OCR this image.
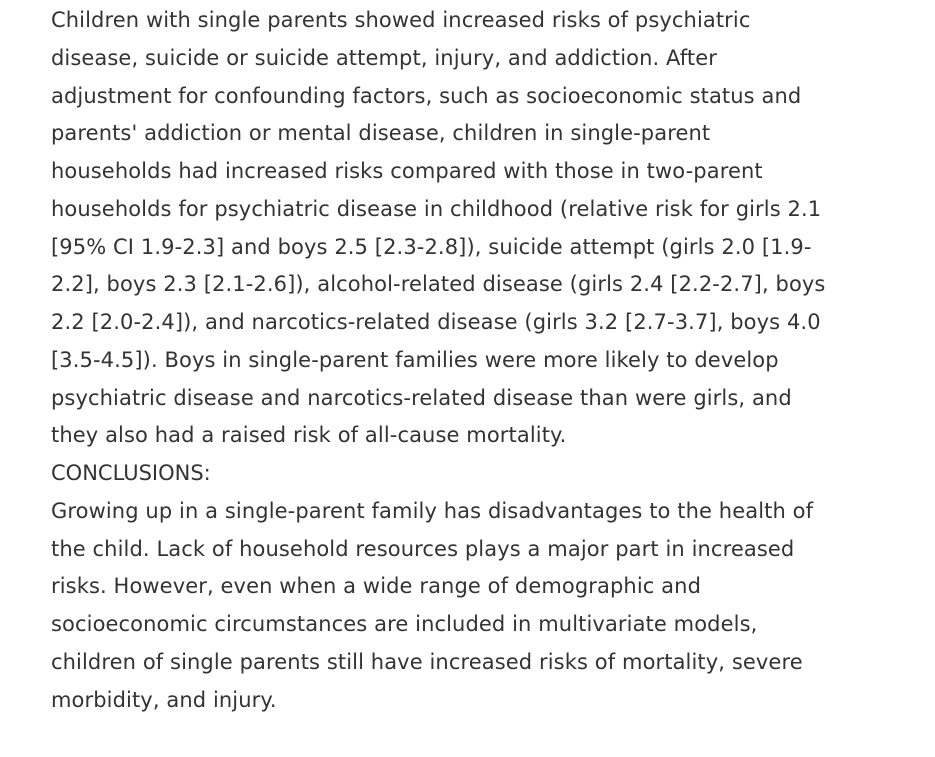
Children with single parents showed increased risks of psychiatric
disease, suicide or suicide attempt, injury, and addiction. After
adjustment for confounding factors, such as socioeconomic status and
parents' addiction or mental disease, children in single-parent
households had increased risks compared with those in two-parent
households for psychiatric disease in childhood (relative risk for girls 2.1
[95% CI 1.9-2.3] and boys 2.5 [2.3-2.8]), suicide attempt (girls 2.0 [1.9-
2.2], boys 2.3 [2.1-2.6]), alcohol-related disease (girls 2.4 [2.2-2.7], boys
2.2 [2.0-2.4]), and narcotics-related disease (girls 3.2 [2.7-3.7], boys 4.0
[3.5-4.5]). Boys in single-parent families were more likely to develop
psychiatric disease and narcotics-related disease than were girls, and
they also had a raised risk of all-cause mortality.

CONCLUSIONS:

Growing up in a single-parent family has disadvantages to the health of
the child. Lack of household resources plays a major part in increased
risks. However, even when a wide range of demographic and
socioeconomic circumstances are included in multivariate models,
children of single parents still have increased risks of mortality, severe
morbidity, and injury.
